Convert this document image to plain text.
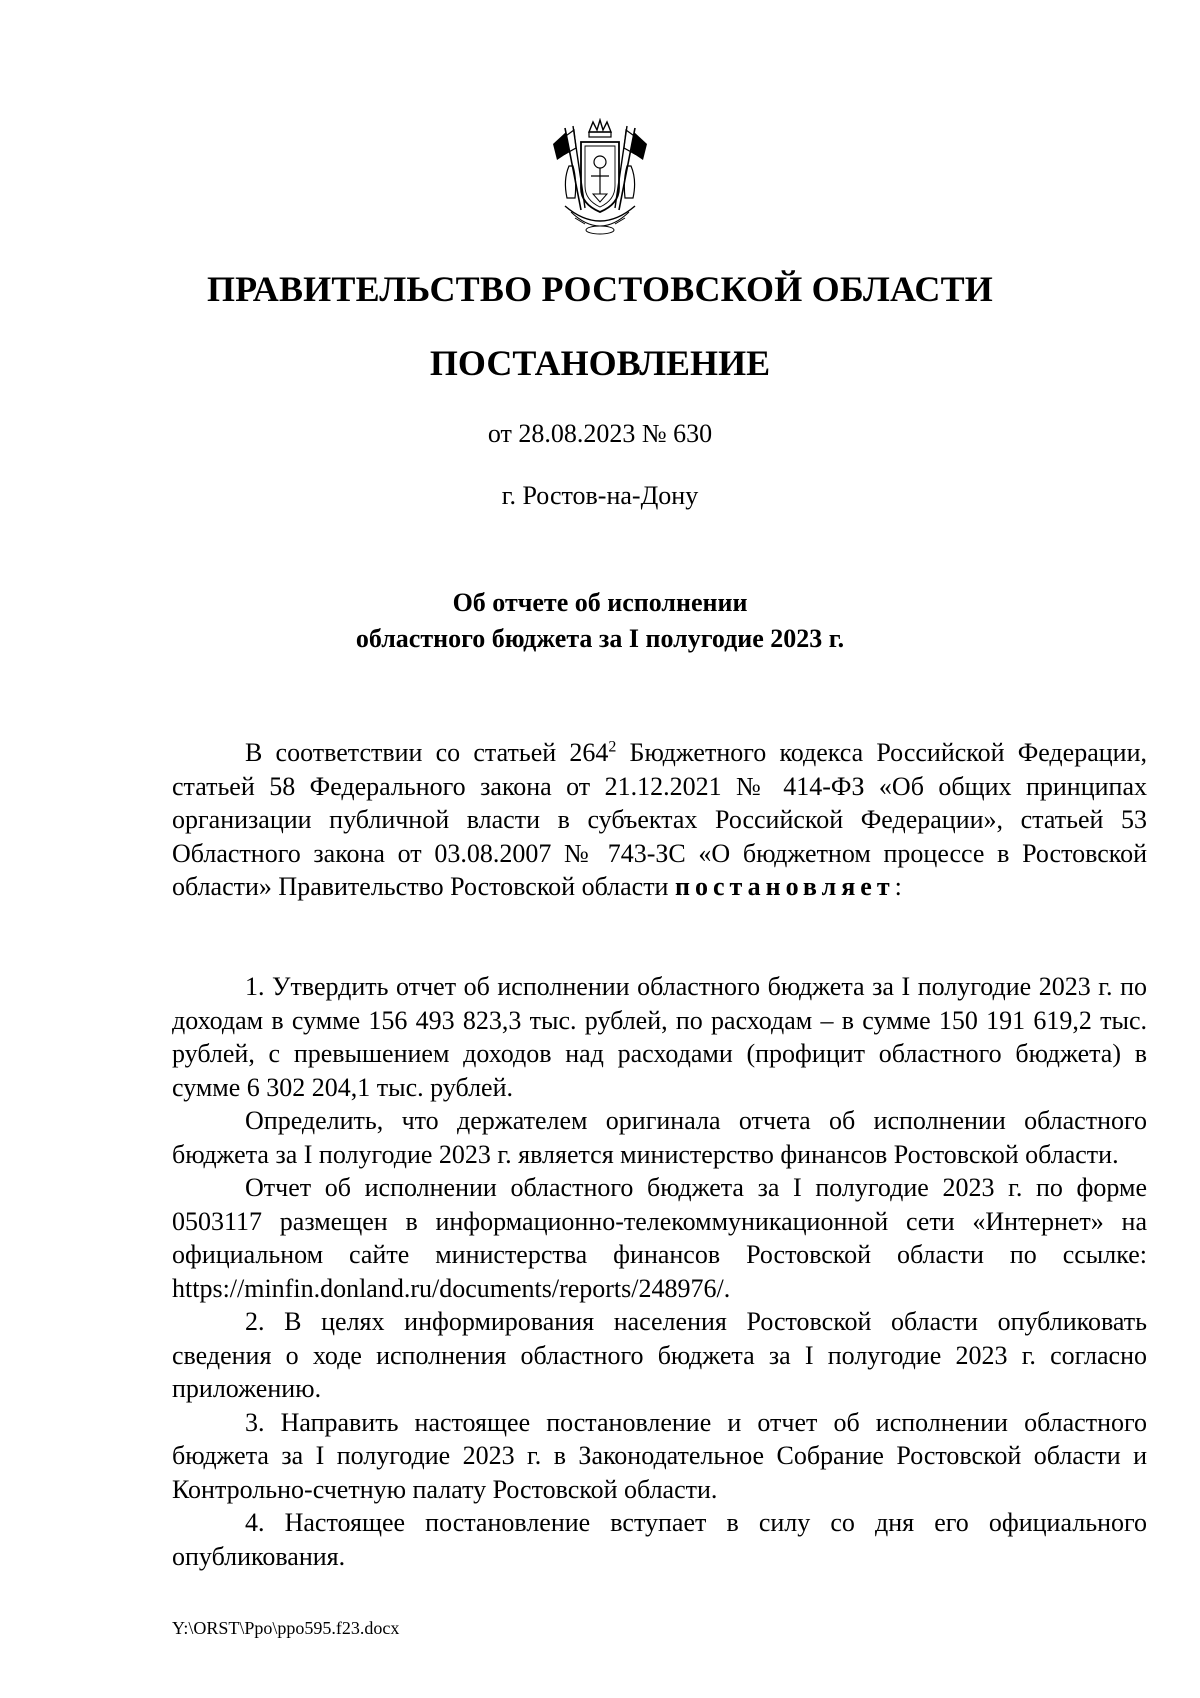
ПРАВИТЕЛЬСТВО РОСТОВСКОЙ ОБЛАСТИ
ПОСТАНОВЛЕНИЕ
от 28.08.2023 № 630
г. Ростов-на-Дону
Об отчете об исполнении
областного бюджета за I полугодие 2023 г.

В соответствии со статьей $264^2$ Бюджетного кодекса Российской Федерации, статьей 58 Федерального закона от 21.12.2021 № 414-ФЗ «Об общих принципах организации публичной власти в субъектах Российской Федерации», статьей 53 Областного закона от 03.08.2007 № 743-ЗС «О бюджетном процессе в Ростовской области» Правительство Ростовской области постановляет:

1. Утвердить отчет об исполнении областного бюджета за I полугодие 2023 г. по доходам в сумме 156 493 823,3 тыс. рублей, по расходам – в сумме 150 191 619,2 тыс. рублей, с превышением доходов над расходами (профицит областного бюджета) в сумме 6 302 204,1 тыс. рублей.

Определить, что держателем оригинала отчета об исполнении областного бюджета за I полугодие 2023 г. является министерство финансов Ростовской области.

Отчет об исполнении областного бюджета за I полугодие 2023 г. по форме 0503117 размещен в информационно-телекоммуникационной сети «Интернет» на официальном сайте министерства финансов Ростовской области по ссылке: https://minfin.donland.ru/documents/reports/248976/.

2. В целях информирования населения Ростовской области опубликовать сведения о ходе исполнения областного бюджета за I полугодие 2023 г. согласно приложению.

3. Направить настоящее постановление и отчет об исполнении областного бюджета за I полугодие 2023 г. в Законодательное Собрание Ростовской области и Контрольно-счетную палату Ростовской области.

4. Настоящее постановление вступает в силу со дня его официального опубликования.

Y:\ORST\Ppo\ppo595.f23.docx
